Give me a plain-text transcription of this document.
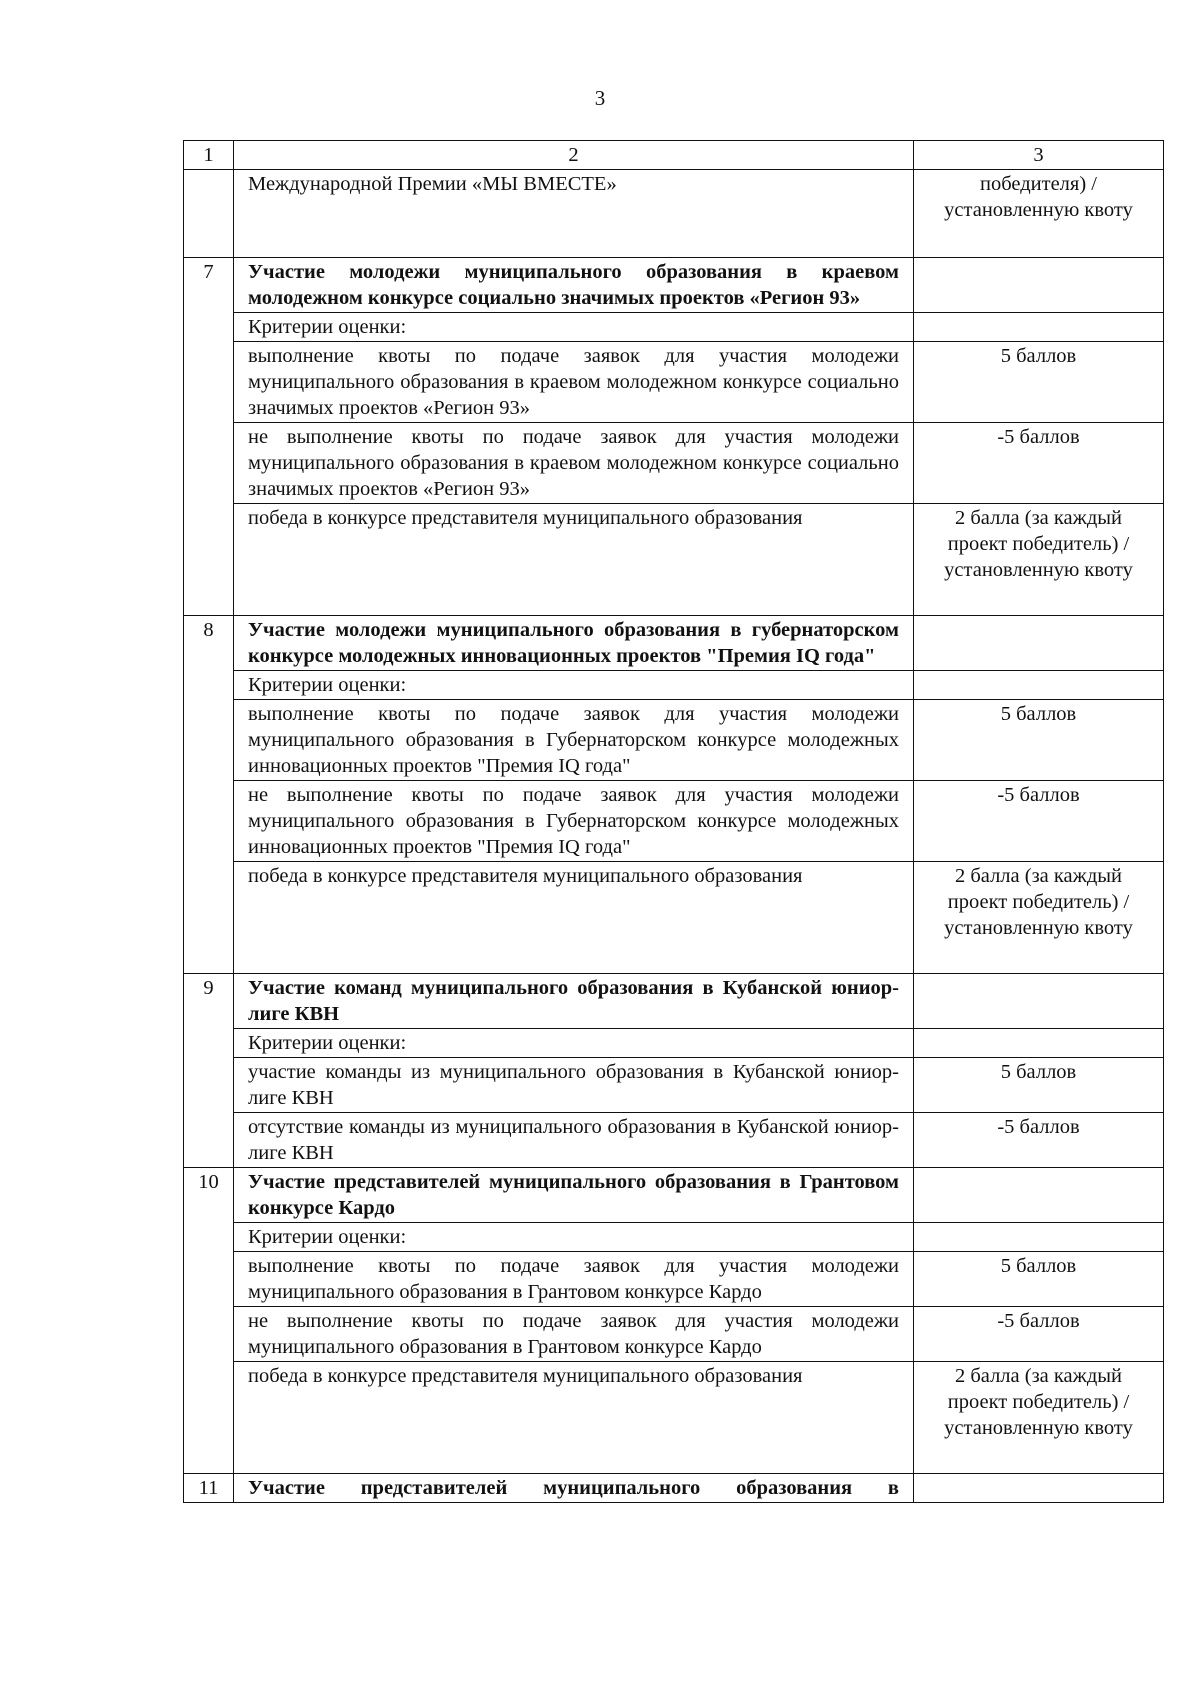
3
1	2	3
	Международной Премии «МЫ ВМЕСТЕ»	победителя) /установленную квоту
7	Участие молодежи муниципального образования в краевом молодежном конкурсе социально значимых проектов «Регион 93»	
	Критерии оценки:	
	выполнение квоты по подаче заявок для участия молодежи муниципального образования в краевом молодежном конкурсе социально значимых проектов «Регион 93»	5 баллов
	не выполнение квоты по подаче заявок для участия молодежи муниципального образования в краевом молодежном конкурсе социально значимых проектов «Регион 93»	-5 баллов
	победа в конкурсе представителя муниципального образования	2 балла (за каждый проект победитель) /установленную квоту
8	Участие молодежи муниципального образования в губернаторском конкурсе молодежных инновационных проектов "Премия IQ года"	
	Критерии оценки:	
	выполнение квоты по подаче заявок для участия молодежи муниципального образования в Губернаторском конкурсе молодежных инновационных проектов "Премия IQ года"	5 баллов
	не выполнение квоты по подаче заявок для участия молодежи муниципального образования в Губернаторском конкурсе молодежных инновационных проектов "Премия IQ года"	-5 баллов
	победа в конкурсе представителя муниципального образования	2 балла (за каждый проект победитель) /установленную квоту
9	Участие команд муниципального образования в Кубанской юниор-лиге КВН	
	Критерии оценки:	
	участие команды из муниципального образования в Кубанской юниор-лиге КВН	5 баллов
	отсутствие команды из муниципального образования в Кубанской юниор-лиге КВН	-5 баллов
10	Участие представителей муниципального образования в Грантовом конкурсе Кардо	
	Критерии оценки:	
	выполнение квоты по подаче заявок для участия молодежи муниципального образования в Грантовом конкурсе Кардо	5 баллов
	не выполнение квоты по подаче заявок для участия молодежи муниципального образования в Грантовом конкурсе Кардо	-5 баллов
	победа в конкурсе представителя муниципального образования	2 балла (за каждый проект победитель) /установленную квоту
11	Участие представителей муниципального образования в	
